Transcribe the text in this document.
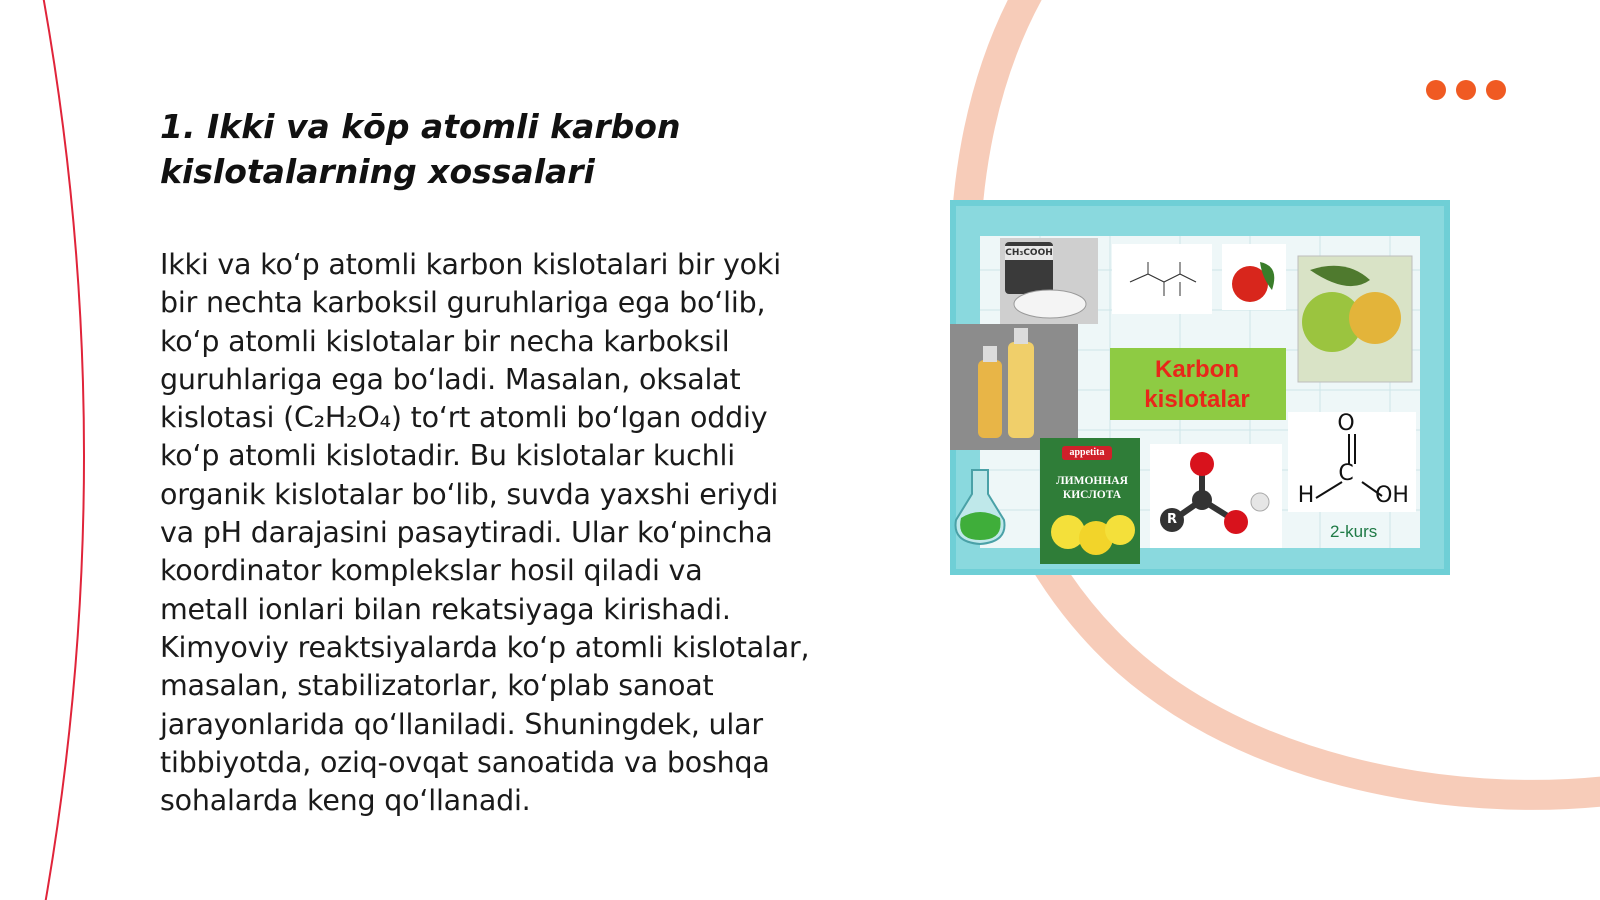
1. Ikki va kōp atomli karbon kislotalarning xossalari

Ikki va ko‘p atomli karbon kislotalari bir yoki
bir nechta karboksil guruhlariga ega bo‘lib,
ko‘p atomli kislotalar bir necha karboksil
guruhlariga ega bo‘ladi. Masalan, oksalat
kislotasi (C₂H₂O₄) to‘rt atomli bo‘lgan oddiy
ko‘p atomli kislotadir. Bu kislotalar kuchli
organik kislotalar bo‘lib, suvda yaxshi eriydi
va pH darajasini pasaytiradi. Ular ko‘pincha
koordinator komplekslar hosil qiladi va
metall ionlari bilan rekatsiyaga kirishadi.
Kimyoviy reaktsiyalarda ko‘p atomli kislotalar,
masalan, stabilizatorlar, ko‘plab sanoat
jarayonlarida qo‘llaniladi. Shuningdek, ular
tibbiyotda, oziq-ovqat sanoatida va boshqa
sohalarda keng qo‘llanadi.

CH₃COOH
appetita
ЛИМОННАЯ
КИСЛОТА
R
O
C
H	OH
Karbon
kislotalar
2-kurs
